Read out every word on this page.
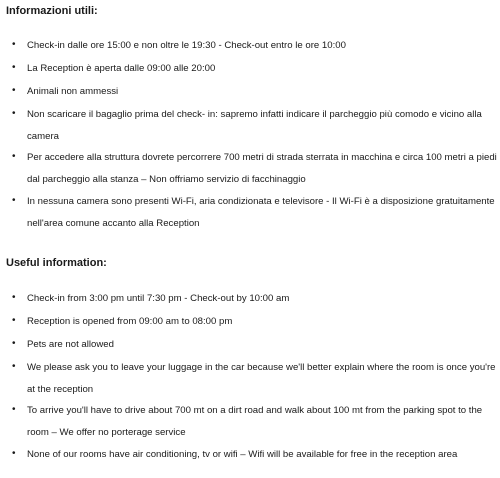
Informazioni utili:
• Check-in dalle ore 15:00 e non oltre le 19:30 - Check-out entro le ore 10:00
• La Reception è aperta dalle 09:00 alle 20:00
• Animali non ammessi
• Non scaricare il bagaglio prima del check- in: sapremo infatti indicare il parcheggio più comodo e vicino alla camera
• Per accedere alla struttura dovrete percorrere 700 metri di strada sterrata in macchina e circa 100 metri a piedi dal parcheggio alla stanza – Non offriamo servizio di facchinaggio
• In nessuna camera sono presenti Wi-Fi, aria condizionata e televisore - Il Wi-Fi è a disposizione gratuitamente nell'area comune accanto alla Reception
Useful information:
• Check-in from 3:00 pm until 7:30 pm - Check-out by 10:00 am
• Reception is opened from 09:00 am to 08:00 pm
• Pets are not allowed
• We please ask you to leave your luggage in the car because we'll better explain where the room is once you're at the reception
• To arrive you'll have to drive about 700 mt on a dirt road and walk about 100 mt from the parking spot to the room – We offer no porterage service
• None of our rooms have air conditioning, tv or wifi – Wifi will be available for free in the reception area
